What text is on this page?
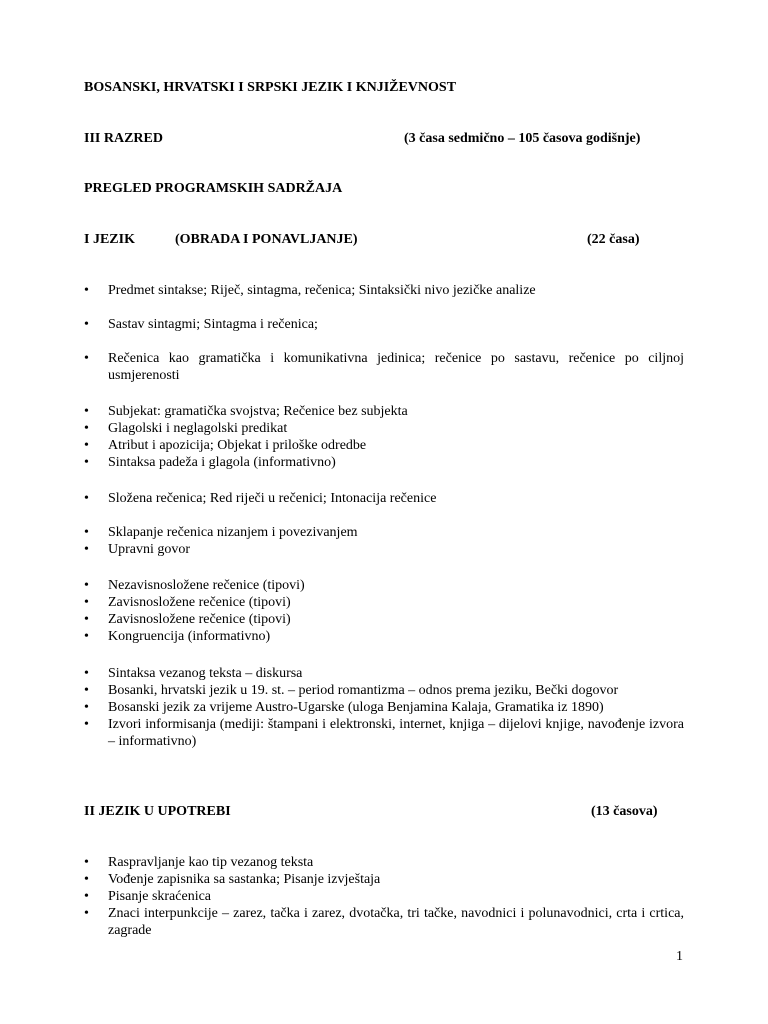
BOSANSKI, HRVATSKI I SRPSKI JEZIK I KNJIŽEVNOST
III RAZRED	(3 časa sedmično – 105 časova godišnje)
PREGLED PROGRAMSKIH SADRŽAJA
I JEZIK	(OBRADA I PONAVLJANJE)	(22 časa)
• Predmet sintakse; Riječ, sintagma, rečenica; Sintaksički nivo jezičke analize
• Sastav sintagmi; Sintagma i rečenica;
• Rečenica kao gramatička i komunikativna jedinica; rečenice po sastavu, rečenice po ciljnoj usmjerenosti
• Subjekat: gramatička svojstva; Rečenice bez subjekta
• Glagolski i neglagolski predikat
• Atribut i apozicija; Objekat i priloške odredbe
• Sintaksa padeža i glagola (informativno)
• Složena rečenica; Red riječi u rečenici; Intonacija rečenice
• Sklapanje rečenica nizanjem i povezivanjem
• Upravni govor
• Nezavisnosložene rečenice (tipovi)
• Zavisnosložene rečenice (tipovi)
• Zavisnosložene rečenice (tipovi)
• Kongruencija (informativno)
• Sintaksa vezanog teksta – diskursa
• Bosanki, hrvatski jezik u 19. st. – period romantizma – odnos prema jeziku, Bečki dogovor
• Bosanski jezik za vrijeme Austro-Ugarske (uloga Benjamina Kalaja, Gramatika iz 1890)
• Izvori informisanja (mediji: štampani i elektronski, internet, knjiga – dijelovi knjige, navođenje izvora – informativno)
II JEZIK U UPOTREBI	(13 časova)
• Raspravljanje kao tip vezanog teksta
• Vođenje zapisnika sa sastanka; Pisanje izvještaja
• Pisanje skraćenica
• Znaci interpunkcije – zarez, tačka i zarez, dvotačka, tri tačke, navodnici i polunavodnici, crta i crtica, zagrade
1
